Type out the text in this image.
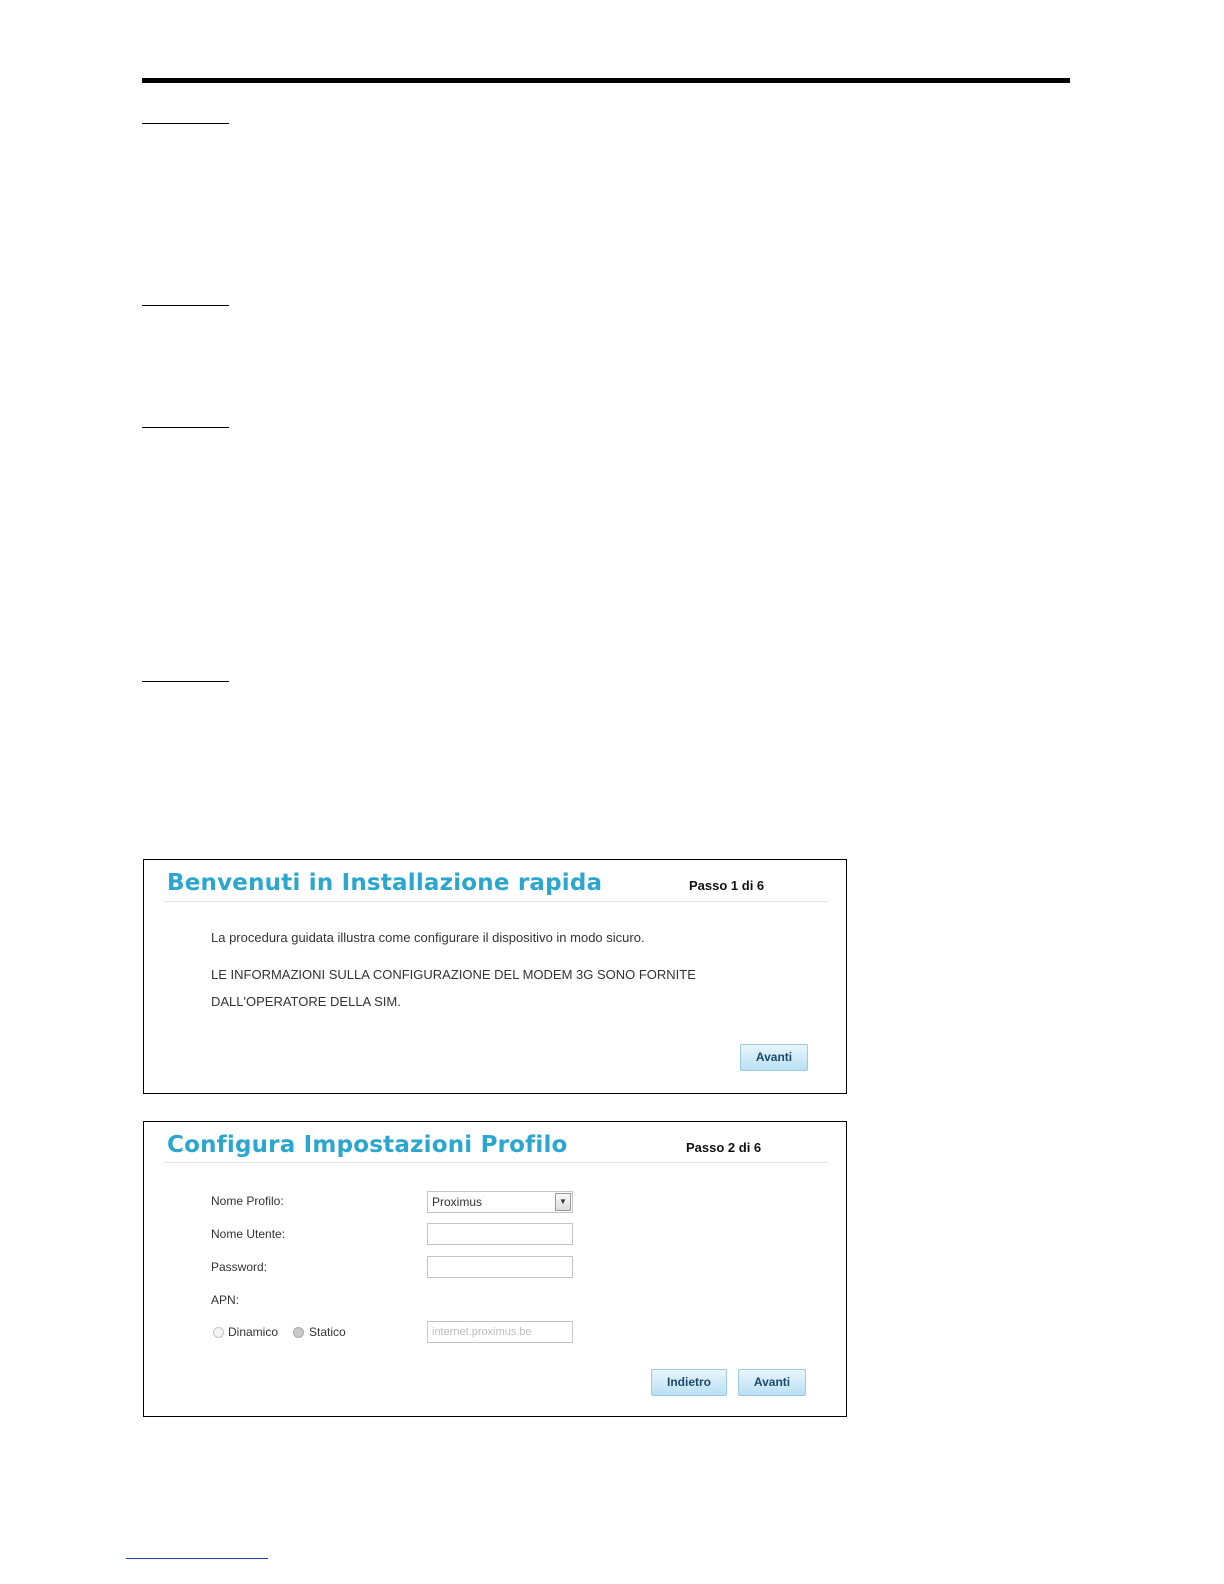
Benvenuti in Installazione rapida	Passo 1 di 6
La procedura guidata illustra come configurare il dispositivo in modo sicuro.
LE INFORMAZIONI SULLA CONFIGURAZIONE DEL MODEM 3G SONO FORNITE
DALL'OPERATORE DELLA SIM.
Avanti
Configura Impostazioni Profilo	Passo 2 di 6
Nome Profilo:	Proximus	▼
Nome Utente:
Password:
APN:
Dinamico	Statico	internet.proximus.be
Indietro	Avanti
